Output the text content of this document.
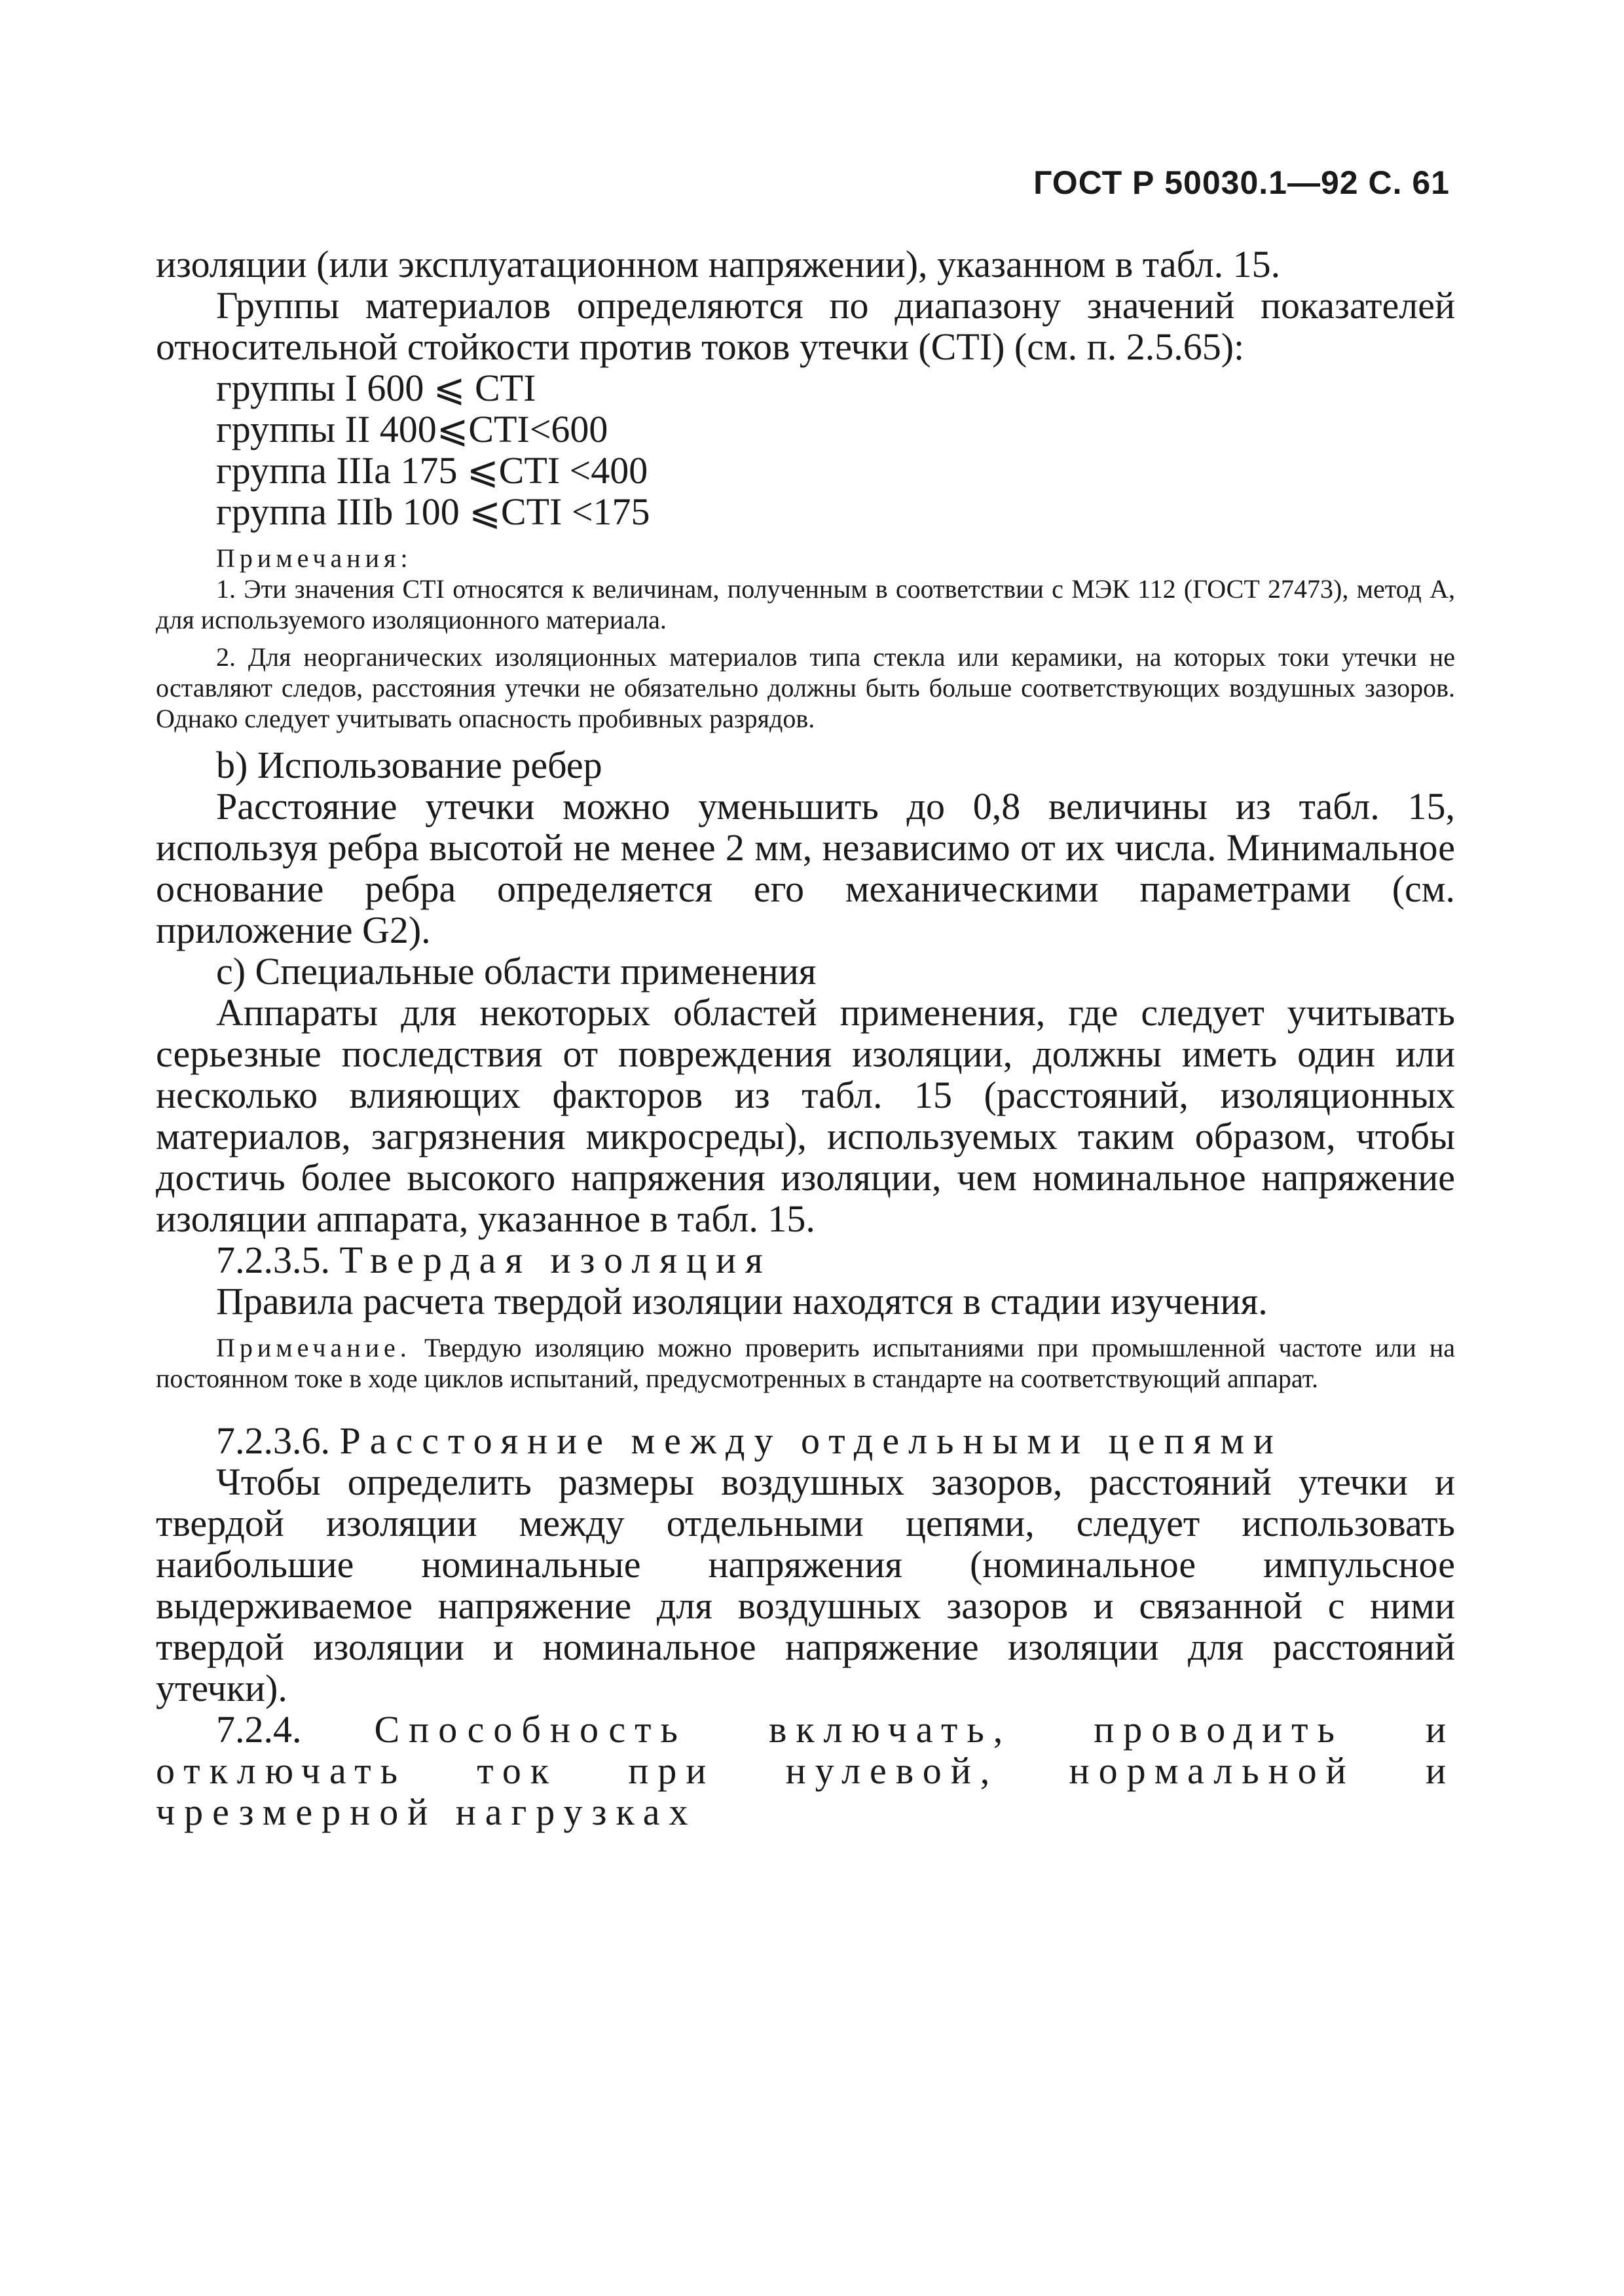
ГОСТ Р 50030.1—92 С. 61

изоляции (или эксплуатационном напряжении), указанном в табл. 15.

Группы материалов определяются по диапазону значений показателей относительной стойкости против токов утечки (CTI) (см. п. 2.5.65):

группы I 600 ⩽ CTI
группы II 400⩽CTI<600
группа IIIa 175 ⩽CTI <400
группа IIIb 100 ⩽CTI <175

Примечания:

1. Эти значения CTI относятся к величинам, полученным в соответствии с МЭК 112 (ГОСТ 27473), метод А, для используемого изоляционного материала.

2. Для неорганических изоляционных материалов типа стекла или керамики, на которых токи утечки не оставляют следов, расстояния утечки не обязательно должны быть больше соответствующих воздушных зазоров. Однако следует учитывать опасность пробивных разрядов.

b) Использование ребер

Расстояние утечки можно уменьшить до 0,8 величины из табл. 15, используя ребра высотой не менее 2 мм, независимо от их числа. Минимальное основание ребра определяется его механическими параметрами (см. приложение G2).

c) Специальные области применения

Аппараты для некоторых областей применения, где следует учитывать серьезные последствия от повреждения изоляции, должны иметь один или несколько влияющих факторов из табл. 15 (расстояний, изоляционных материалов, загрязнения микросреды), используемых таким образом, чтобы достичь более высокого напряжения изоляции, чем номинальное напряжение изоляции аппарата, указанное в табл. 15.

7.2.3.5. Твердая изоляция

Правила расчета твердой изоляции находятся в стадии изучения.

Примечание. Твердую изоляцию можно проверить испытаниями при промышленной частоте или на постоянном токе в ходе циклов испытаний, предусмотренных в стандарте на соответствующий аппарат.

7.2.3.6. Расстояние между отдельными цепями

Чтобы определить размеры воздушных зазоров, расстояний утечки и твердой изоляции между отдельными цепями, следует использовать наибольшие номинальные напряжения (номинальное импульсное выдерживаемое напряжение для воздушных зазоров и связанной с ними твердой изоляции и номинальное напряжение изоляции для расстояний утечки).

7.2.4. Способность включать, проводить и отключать ток при нулевой, нормальной и чрезмерной нагрузках
